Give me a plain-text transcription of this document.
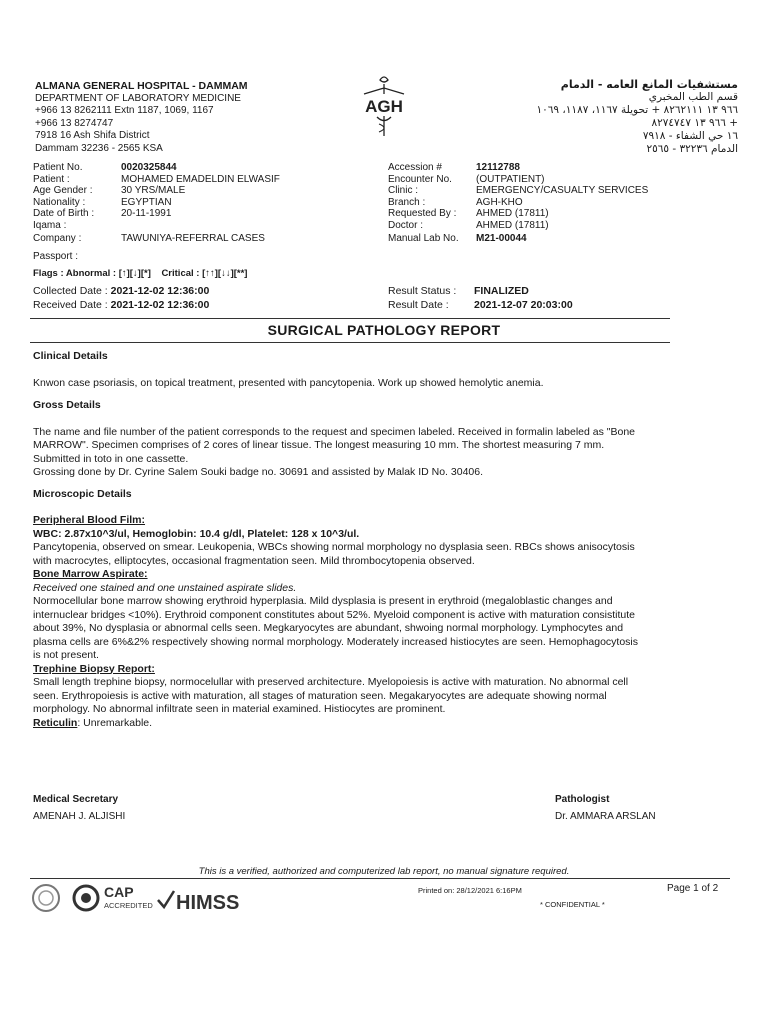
ALMANA GENERAL HOSPITAL - DAMMAM
DEPARTMENT OF LABORATORY MEDICINE
+966 13 8262111 Extn 1187, 1069, 1167
+966 13 8274747
7918 16 Ash Shifa District
Dammam 32236 - 2565 KSA
AGH
مستشفيات المانع العامه - الدمام
قسم الطب المخبري
٩٦٦ ١٣ ٨٢٦٢١١١ + تحويلة ١١٦٧، ١١٨٧، ١٠٦٩
+ ٩٦٦ ١٣ ٨٢٧٤٧٤٧
١٦ حي الشفاء - ٧٩١٨
الدمام ٣٢٢٣٦ - ٢٥٦٥
Patient No.	0020325844
Patient :	MOHAMED EMADELDIN ELWASIF
Age Gender :	30 YRS/MALE
Nationality :	EGYPTIAN
Date of Birth :	20-11-1991
Iqama :
Company :	TAWUNIYA-REFERRAL CASES
Passport :
Accession #	12112788
Encounter No. (OUTPATIENT)
Clinic :	EMERGENCY/CASUALTY SERVICES
Branch :	AGH-KHO
Requested By : AHMED (17811)
Doctor :	AHMED (17811)
Manual Lab No. M21-00044
Flags : Abnormal : [↑][↓][*] Critical : [↑↑][↓↓][**]
Collected Date : 2021-12-02 12:36:00
Received Date : 2021-12-02 12:36:00
Result Status : FINALIZED
Result Date : 2021-12-07 20:03:00
SURGICAL PATHOLOGY REPORT
Clinical Details
Knwon case psoriasis, on topical treatment, presented with pancytopenia. Work up showed hemolytic anemia.
Gross Details
The name and file number of the patient corresponds to the request and specimen labeled. Received in formalin labeled as "Bone MARROW". Specimen comprises of 2 cores of linear tissue. The longest measuring 10 mm. The shortest measuring 7 mm. Submitted in toto in one cassette.
Grossing done by Dr. Cyrine Salem Souki badge no. 30691 and assisted by Malak ID No. 30406.
Microscopic Details
Peripheral Blood Film:
WBC: 2.87x10^3/ul, Hemoglobin: 10.4 g/dl, Platelet: 128 x 10^3/ul.
Pancytopenia, observed on smear. Leukopenia, WBCs showing normal morphology no dysplasia seen. RBCs shows anisocytosis with macrocytes, elliptocytes, occasional fragmentation seen. Mild thrombocytopenia observed.
Bone Marrow Aspirate:
Received one stained and one unstained aspirate slides.
Normocellular bone marrow showing erythroid hyperplasia. Mild dysplasia is present in erythroid (megaloblastic changes and internuclear bridges <10%). Erythroid component constitutes about 52%. Myeloid component is active with maturation consistitute about 39%, No dysplasia or abnormal cells seen. Megkaryocytes are abundant, shwoing normal morphology. Lymphocytes and plasma cells are 6%&2% respectively showing normal morphology. Moderately increased histiocytes are seen. Hemophagocytosis is not present.
Trephine Biopsy Report:
Small length trephine biopsy, normocelullar with preserved architecture. Myelopoiesis is active with maturation. No abnormal cell seen. Erythropoiesis is active with maturation, all stages of maturation seen. Megakaryocytes are adequate showing normal morphology. No abnormal infiltrate seen in material examined. Histiocytes are prominent.
Reticulin: Unremarkable.
Medical Secretary
AMENAH J. ALJISHI
Pathologist
Dr. AMMARA ARSLAN
This is a verified, authorized and computerized lab report, no manual signature required.
CAP
ACCREDITED HIMSS
Printed on: 28/12/2021 6:16PM
* CONFIDENTIAL *
Page 1 of 2
